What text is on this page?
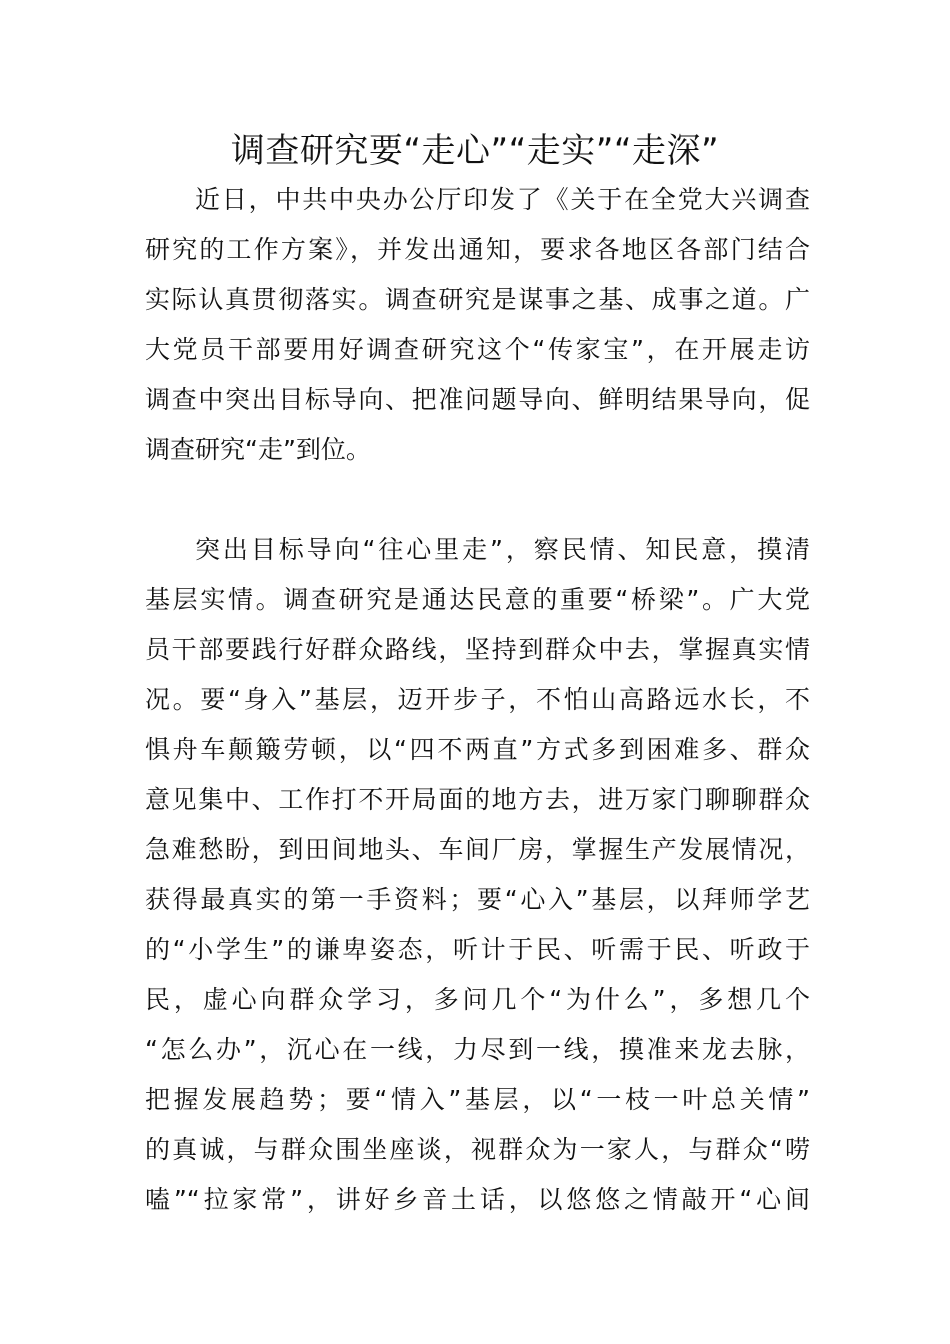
调查研究要“走心”“走实”“走深”
近日，中共中央办公厅印发了《关于在全党大兴调查
研究的工作方案》，并发出通知，要求各地区各部门结合
实际认真贯彻落实。调查研究是谋事之基、成事之道。广
大党员干部要用好调查研究这个“传家宝”，在开展走访
调查中突出目标导向、把准问题导向、鲜明结果导向，促
调查研究“走”到位。
突出目标导向“往心里走”，察民情、知民意，摸清
基层实情。调查研究是通达民意的重要“桥梁”。广大党
员干部要践行好群众路线，坚持到群众中去，掌握真实情
况。要“身入”基层，迈开步子，不怕山高路远水长，不
惧舟车颠簸劳顿，以“四不两直”方式多到困难多、群众
意见集中、工作打不开局面的地方去，进万家门聊聊群众
急难愁盼，到田间地头、车间厂房，掌握生产发展情况，
获得最真实的第一手资料；要“心入”基层，以拜师学艺
的“小学生”的谦卑姿态，听计于民、听需于民、听政于
民，虚心向群众学习，多问几个“为什么”，多想几个
“怎么办”，沉心在一线，力尽到一线，摸准来龙去脉，
把握发展趋势；要“情入”基层，以“一枝一叶总关情”
的真诚，与群众围坐座谈，视群众为一家人，与群众“唠
嗑”“拉家常”，讲好乡音土话，以悠悠之情敲开“心间
